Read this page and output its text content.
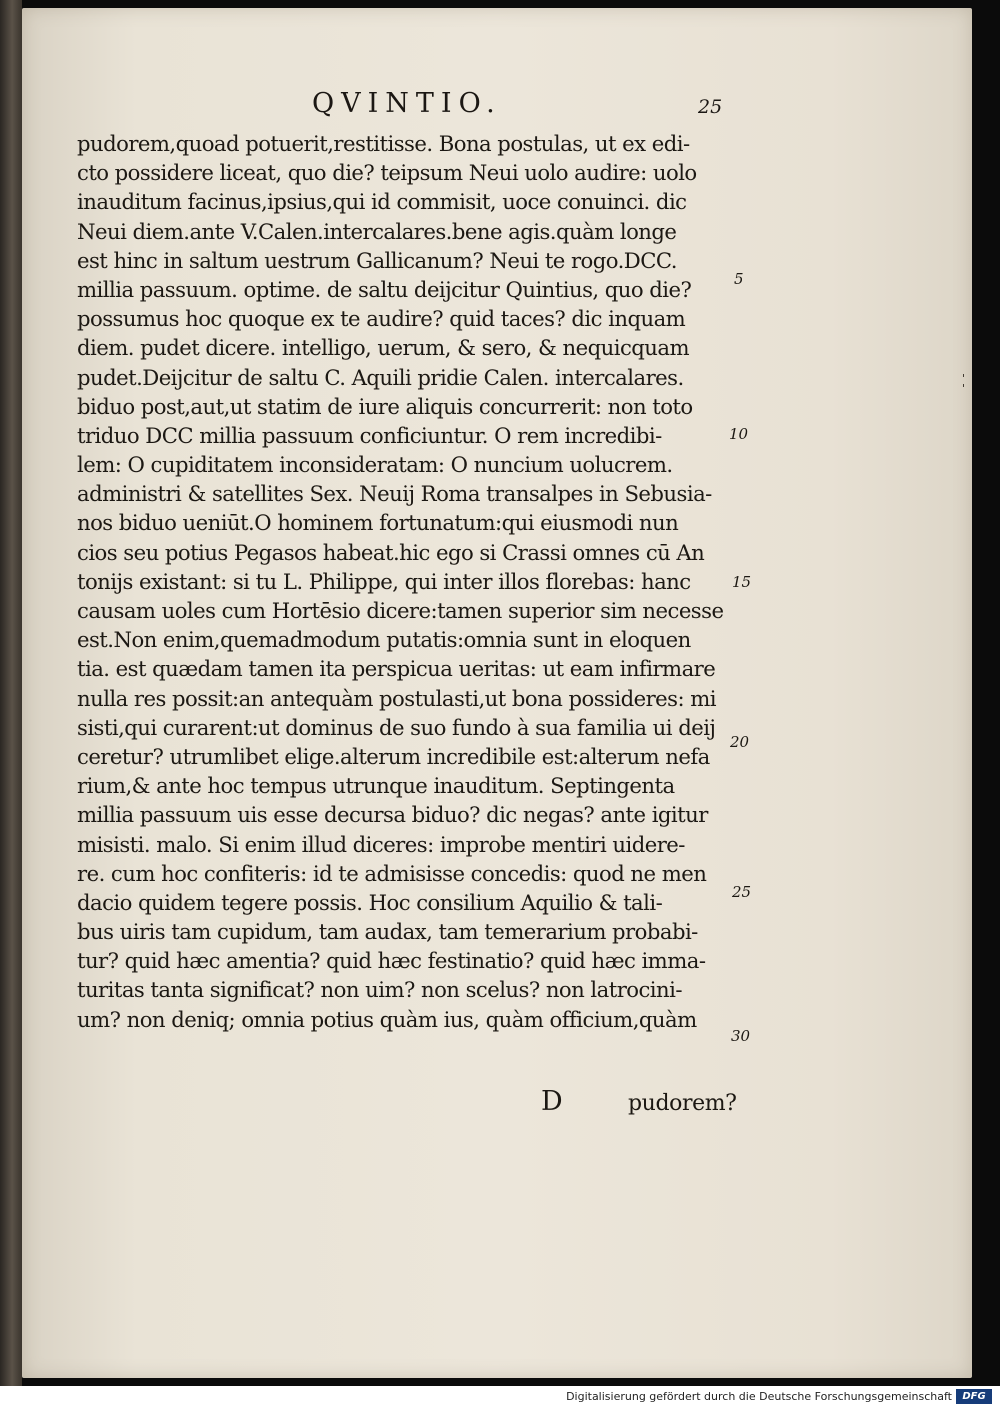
QVINTIO.	25
pudorem,quoad potuerit,restitisse. Bona postulas, ut ex edi-
cto possidere liceat, quo die? teipsum Neui uolo audire: uolo
inauditum facinus,ipsius,qui id commisit, uoce conuinci. dic
Neui diem.ante V.Calen.intercalares.bene agis.quàm longe
est hinc in saltum uestrum Gallicanum? Neui te rogo.DCC.
millia passuum. optime. de saltu deijcitur Quintius, quo die?
possumus hoc quoque ex te audire? quid taces? dic inquam
diem. pudet dicere. intelligo, uerum, & sero, & nequicquam
pudet.Deijcitur de saltu C. Aquili pridie Calen. intercalares.
biduo post,aut,ut statim de iure aliquis concurrerit: non toto
triduo DCC millia passuum conficiuntur. O rem incredibi-
lem: O cupiditatem inconsideratam: O nuncium uolucrem.
administri & satellites Sex. Neuij Roma transalpes in Sebusia-
nos biduo ueniūt.O hominem fortunatum:qui eiusmodi nun
cios seu potius Pegasos habeat.hic ego si Crassi omnes cū An
tonijs existant: si tu L. Philippe, qui inter illos florebas: hanc
causam uoles cum Hortēsio dicere:tamen superior sim necesse
est.Non enim,quemadmodum putatis:omnia sunt in eloquen
tia. est quædam tamen ita perspicua ueritas: ut eam infirmare
nulla res possit:an antequàm postulasti,ut bona possideres: mi
sisti,qui curarent:ut dominus de suo fundo à sua familia ui deij
ceretur? utrumlibet elige.alterum incredibile est:alterum nefa
rium,& ante hoc tempus utrunque inauditum. Septingenta
millia passuum uis esse decursa biduo? dic negas? ante igitur
misisti. malo. Si enim illud diceres: improbe mentiri uidere-
re. cum hoc confiteris: id te admisisse concedis: quod ne men
dacio quidem tegere possis. Hoc consilium Aquilio & tali-
bus uiris tam cupidum, tam audax, tam temerarium probabi-
tur? quid hæc amentia? quid hæc festinatio? quid hæc imma-
turitas tanta significat? non uim? non scelus? non latrocini-
um? non deniq; omnia potius quàm ius, quàm officium,quàm
D	pudorem?
5
10
15
20
25
30
'
'
Digitalisierung gefördert durch die Deutsche Forschungsgemeinschaft	DFG
